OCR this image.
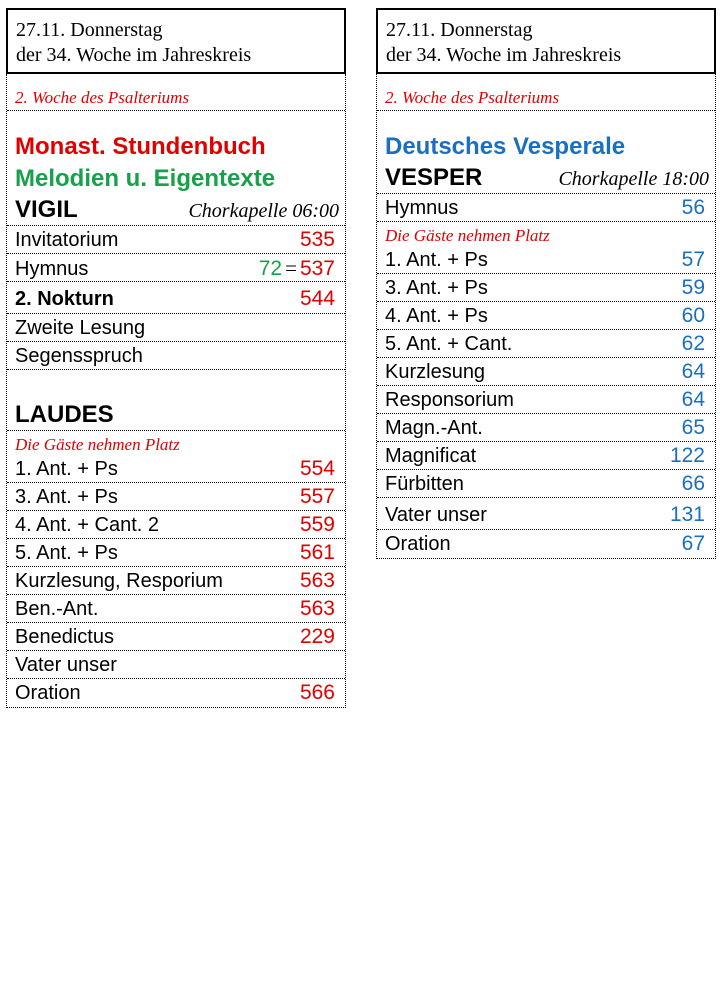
27.11. Donnerstag
der 34. Woche im Jahreskreis
2. Woche des Psalteriums
Monast. Stundenbuch
Melodien u. Eigentexte
VIGIL	Chorkapelle 06:00
Invitatorium	535
Hymnus	72 = 537
2. Nokturn	544
Zweite Lesung
Segensspruch
LAUDES
Die Gäste nehmen Platz
1. Ant. + Ps	554
3. Ant. + Ps	557
4. Ant. + Cant. 2	559
5. Ant. + Ps	561
Kurzlesung, Resporium	563
Ben.-Ant.	563
Benedictus	229
Vater unser
Oration	566
27.11. Donnerstag
der 34. Woche im Jahreskreis
2. Woche des Psalteriums
Deutsches Vesperale
VESPER	Chorkapelle 18:00
Hymnus	56
Die Gäste nehmen Platz
1. Ant. + Ps	57
3. Ant. + Ps	59
4. Ant. + Ps	60
5. Ant. + Cant.	62
Kurzlesung	64
Responsorium	64
Magn.-Ant.	65
Magnificat	122
Fürbitten	66
Vater unser	131
Oration	67
